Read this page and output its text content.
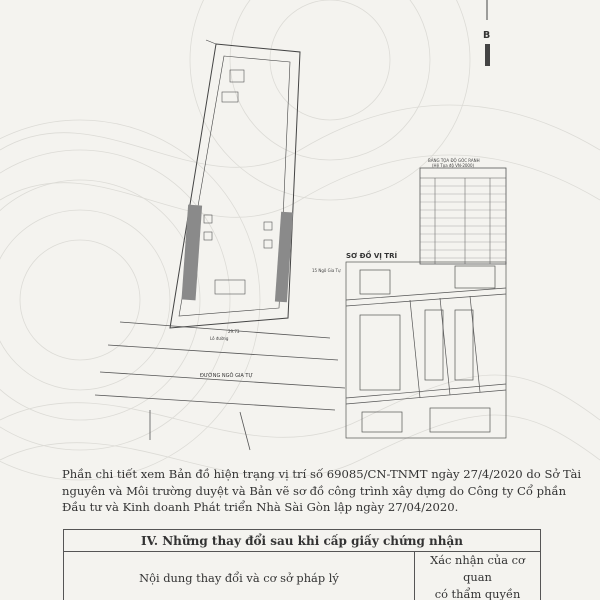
B
Lô đường
ĐƯỜNG NGÔ GIA TỰ
29.73
15 Ngô Gia Tự
BẢNG TỌA ĐỘ GÓC RANH
(Hệ Tọa độ VN-2000)
SƠ ĐỒ VỊ TRÍ

Phần chi tiết xem Bản đồ hiện trạng vị trí số 69085/CN-TNMT ngày 27/4/2020 do Sở Tài
nguyên và Môi trường duyệt và Bản vẽ sơ đồ công trình xây dựng do Công ty Cổ phần
Đầu tư và Kinh doanh Phát triển Nhà Sài Gòn lập ngày 27/04/2020.

IV. Những thay đổi sau khi cấp giấy chứng nhận	
Nội dung thay đổi và cơ sở pháp lý	Xác nhận của cơ quan
có thẩm quyền
